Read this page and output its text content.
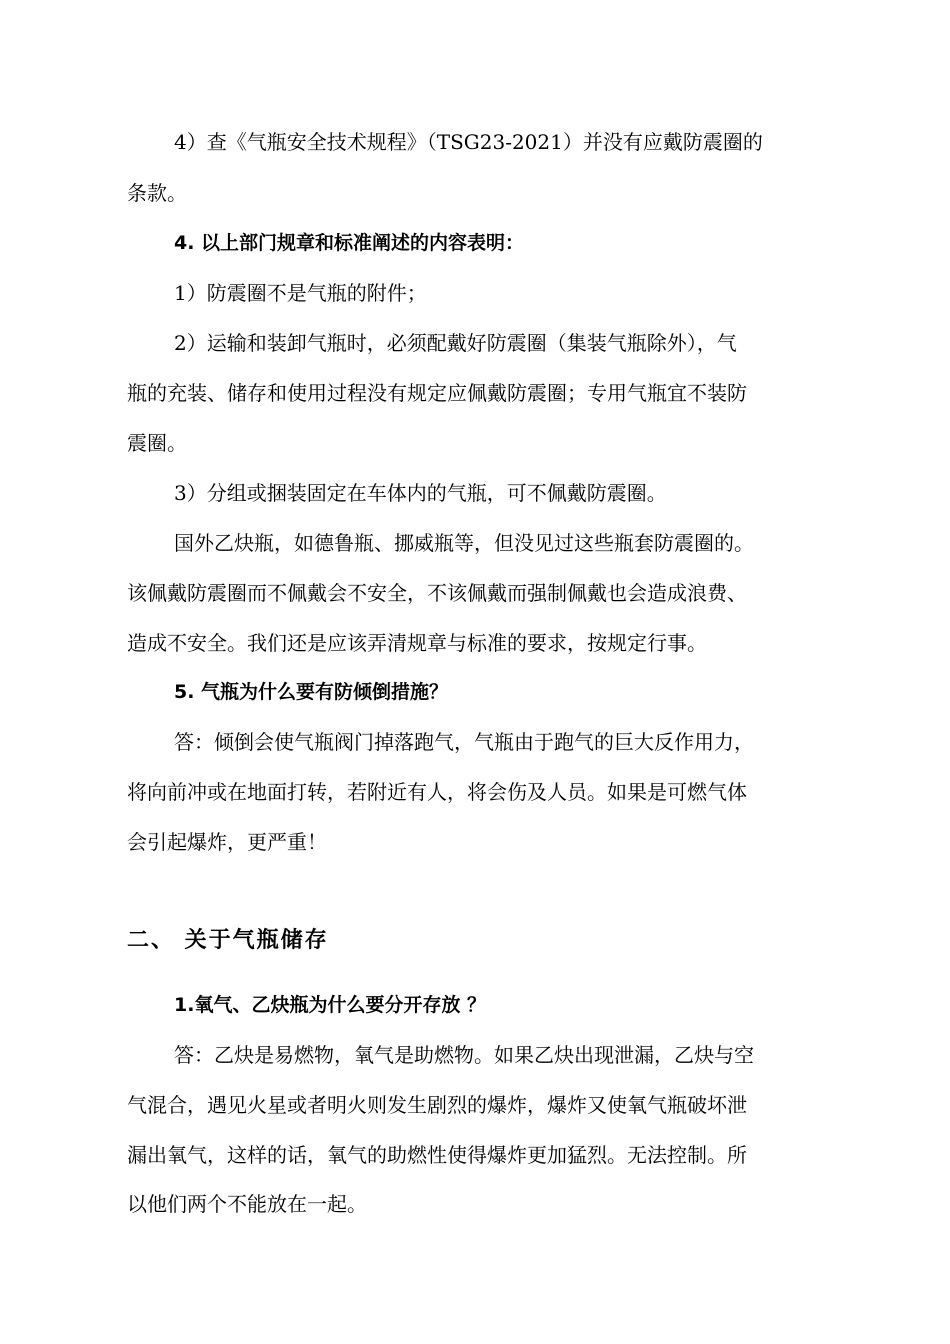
4）查《气瓶安全技术规程》（TSG23-2021）并没有应戴防震圈的
条款。
4. 以上部门规章和标准阐述的内容表明：
1）防震圈不是气瓶的附件；
2）运输和装卸气瓶时，必须配戴好防震圈（集装气瓶除外），气
瓶的充装、储存和使用过程没有规定应佩戴防震圈；专用气瓶宜不装防
震圈。
3）分组或捆装固定在车体内的气瓶，可不佩戴防震圈。
国外乙炔瓶，如德鲁瓶、挪威瓶等，但没见过这些瓶套防震圈的。
该佩戴防震圈而不佩戴会不安全，不该佩戴而强制佩戴也会造成浪费、
造成不安全。我们还是应该弄清规章与标准的要求，按规定行事。
5. 气瓶为什么要有防倾倒措施？
答：倾倒会使气瓶阀门掉落跑气，气瓶由于跑气的巨大反作用力，
将向前冲或在地面打转，若附近有人，将会伤及人员。如果是可燃气体
会引起爆炸，更严重！
二、 关于气瓶储存
1.氧气、乙炔瓶为什么要分开存放 ？
答：乙炔是易燃物，氧气是助燃物。如果乙炔出现泄漏，乙炔与空
气混合，遇见火星或者明火则发生剧烈的爆炸，爆炸又使氧气瓶破坏泄
漏出氧气，这样的话，氧气的助燃性使得爆炸更加猛烈。无法控制。所
以他们两个不能放在一起。
